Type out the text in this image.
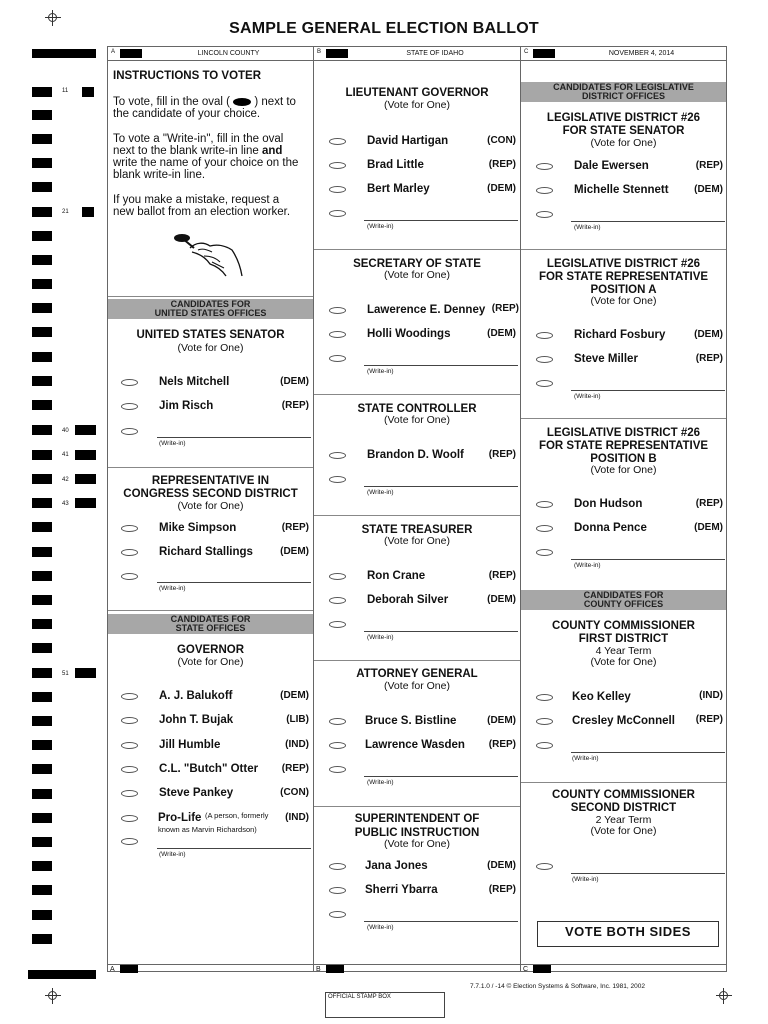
SAMPLE GENERAL ELECTION BALLOT
11
21
40
41
42
43
51
A	LINCOLN COUNTY	B	STATE OF IDAHO	C	NOVEMBER 4, 2014
INSTRUCTIONS TO VOTER
To vote, fill in the oval ( ) next to
the candidate of your choice.
To vote a "Write-in", fill in the oval
next to the blank write-in line and
write the name of your choice on the
blank write-in line.
If you make a mistake, request a
new ballot from an election worker.
CANDIDATES FOR
UNITED STATES OFFICES
UNITED STATES SENATOR
(Vote for One)
Nels Mitchell	(DEM)
Jim Risch	(REP)
(Write-in)
REPRESENTATIVE IN
CONGRESS SECOND DISTRICT
(Vote for One)
Mike Simpson	(REP)
Richard Stallings	(DEM)
(Write-in)
CANDIDATES FOR
STATE OFFICES
GOVERNOR
(Vote for One)
A. J. Balukoff	(DEM)
John T. Bujak	(LIB)
Jill Humble	(IND)
C.L. "Butch" Otter	(REP)
Steve Pankey	(CON)
Pro-Life (A person, formerly
known as Marvin Richardson)
(IND)
(Write-in)
LIEUTENANT GOVERNOR
(Vote for One)
David Hartigan	(CON)
Brad Little	(REP)
Bert Marley	(DEM)
(Write-in)
SECRETARY OF STATE
(Vote for One)
Lawerence E. Denney (REP)
Holli Woodings	(DEM)
(Write-in)
STATE CONTROLLER
(Vote for One)
Brandon D. Woolf	(REP)
(Write-in)
STATE TREASURER
(Vote for One)
Ron Crane	(REP)
Deborah Silver	(DEM)
(Write-in)
ATTORNEY GENERAL
(Vote for One)
Bruce S. Bistline	(DEM)
Lawrence Wasden	(REP)
(Write-in)
SUPERINTENDENT OF
PUBLIC INSTRUCTION
(Vote for One)
Jana Jones	(DEM)
Sherri Ybarra	(REP)
(Write-in)
CANDIDATES FOR LEGISLATIVE
DISTRICT OFFICES
LEGISLATIVE DISTRICT #26
FOR STATE SENATOR
(Vote for One)
Dale Ewersen	(REP)
Michelle Stennett	(DEM)
(Write-in)
LEGISLATIVE DISTRICT #26
FOR STATE REPRESENTATIVE
POSITION A
(Vote for One)
Richard Fosbury	(DEM)
Steve Miller	(REP)
(Write-in)
LEGISLATIVE DISTRICT #26
FOR STATE REPRESENTATIVE
POSITION B
(Vote for One)
Don Hudson	(REP)
Donna Pence	(DEM)
(Write-in)
CANDIDATES FOR
COUNTY OFFICES
COUNTY COMMISSIONER
FIRST DISTRICT
4 Year Term
(Vote for One)
Keo Kelley	(IND)
Cresley McConnell	(REP)
(Write-in)
COUNTY COMMISSIONER
SECOND DISTRICT
2 Year Term
(Vote for One)
(Write-in)
VOTE BOTH SIDES
A	B	C
7.7.1.0 / -14 © Election Systems & Software, Inc. 1981, 2002
OFFICIAL STAMP BOX
